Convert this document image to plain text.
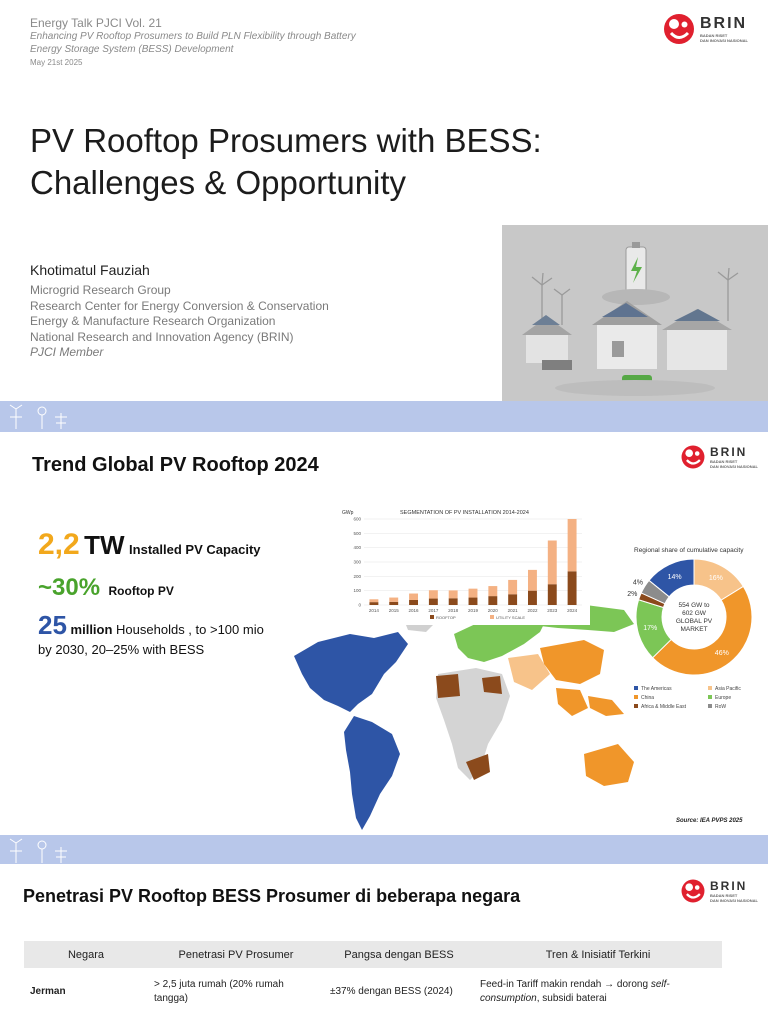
Energy Talk PJCI Vol. 21
Enhancing PV Rooftop Prosumers to Build PLN Flexibility through Battery
Energy Storage System (BESS) Development
May 21st 2025
BRIN
BADAN RISET
DAN INOVASI NASIONAL
PV Rooftop Prosumers with BESS:
Challenges & Opportunity
Khotimatul Fauziah
Microgrid Research Group
Research Center for Energy Conversion & Conservation
Energy & Manufacture Research Organization
National Research and Innovation Agency (BRIN)
PJCI Member
Trend Global PV Rooftop 2024
BRIN
BADAN RISET
DAN INOVASI NASIONAL
2,2 TW Installed PV Capacity
~30% Rooftop PV
25 million Households , to >100 mio by 2030, 20–25% with BESS
SEGMENTATION OF PV INSTALLATION 2014-2024
GWp
0
100
200
300
400
500
600
2014 2015 2016 2017 2018 2019 2020 2021 2022 2023 2024
ROOFTOP	UTILITY SCALE
Regional share of cumulative capacity
14%	16%
46%
17%
2%
4%
554 GW to
602 GW
GLOBAL PV
MARKET
The Americas	Asia Pacific
China	Europe
Africa & Middle East	RoW
Source: IEA PVPS 2025
Penetrasi PV Rooftop BESS Prosumer di beberapa negara	BRIN
BADAN RISET
DAN INOVASI NASIONAL
Negara	Penetrasi PV Prosumer	Pangsa dengan BESS	Tren & Inisiatif Terkini
Jerman	> 2,5 juta rumah (20% rumah tangga)	±37% dengan BESS (2024)	Feed-in Tariff makin rendah → dorong self-consumption, subsidi baterai
